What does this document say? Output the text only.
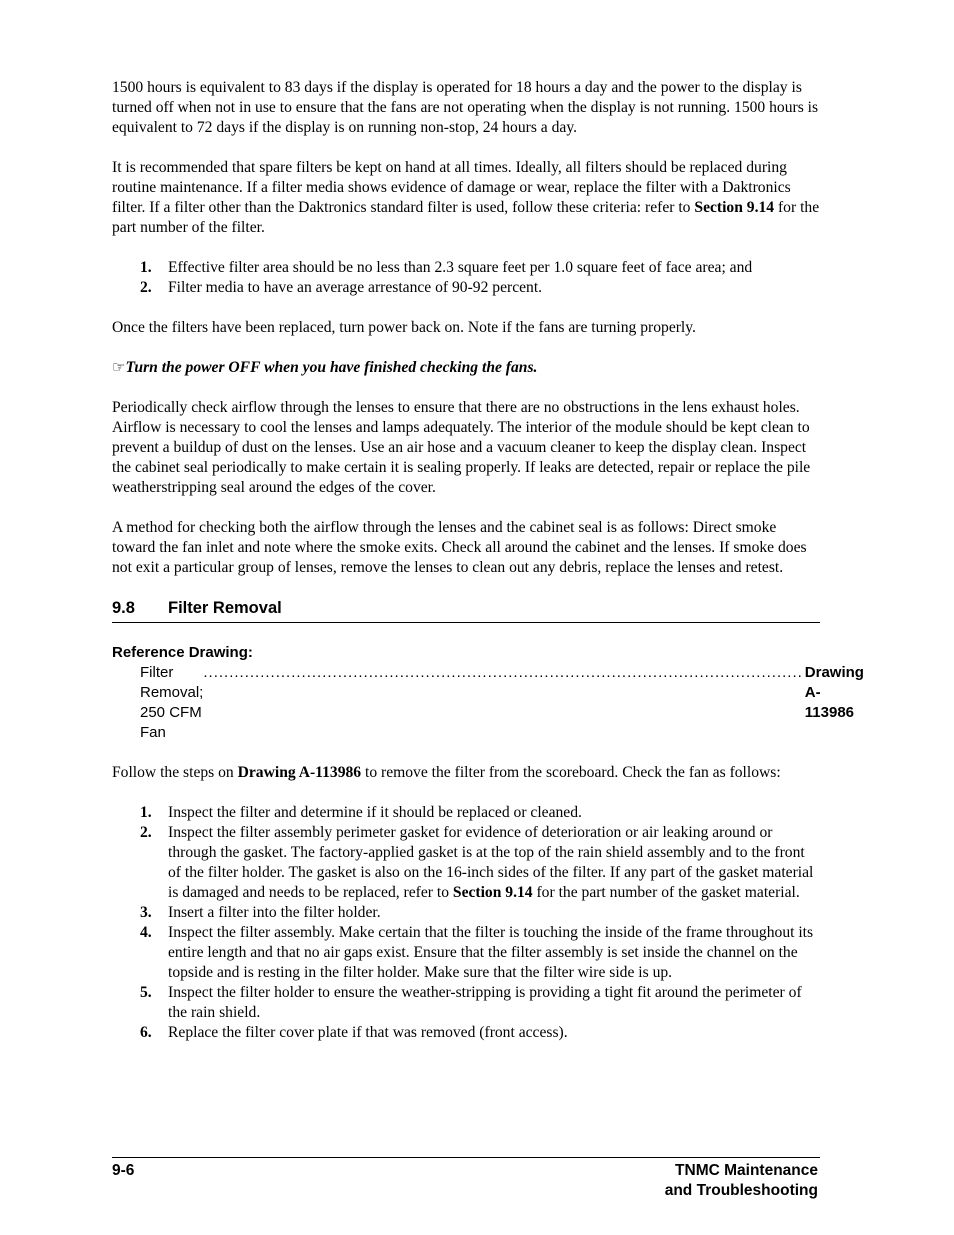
1500 hours is equivalent to 83 days if the display is operated for 18 hours a day and the power to the display is turned off when not in use to ensure that the fans are not operating when the display is not running. 1500 hours is equivalent to 72 days if the display is on running non-stop, 24 hours a day.

It is recommended that spare filters be kept on hand at all times. Ideally, all filters should be replaced during routine maintenance. If a filter media shows evidence of damage or wear, replace the filter with a Daktronics filter. If a filter other than the Daktronics standard filter is used, follow these criteria: refer to Section 9.14 for the part number of the filter.

1. Effective filter area should be no less than 2.3 square feet per 1.0 square feet of face area; and
2. Filter media to have an average arrestance of 90-92 percent.

Once the filters have been replaced, turn power back on. Note if the fans are turning properly.

☞Turn the power OFF when you have finished checking the fans.

Periodically check airflow through the lenses to ensure that there are no obstructions in the lens exhaust holes. Airflow is necessary to cool the lenses and lamps adequately. The interior of the module should be kept clean to prevent a buildup of dust on the lenses. Use an air hose and a vacuum cleaner to keep the display clean. Inspect the cabinet seal periodically to make certain it is sealing properly. If leaks are detected, repair or replace the pile weatherstripping seal around the edges of the cover.

A method for checking both the airflow through the lenses and the cabinet seal is as follows: Direct smoke toward the fan inlet and note where the smoke exits. Check all around the cabinet and the lenses. If smoke does not exit a particular group of lenses, remove the lenses to clean out any debris, replace the lenses and retest.

9.8 Filter Removal
Reference Drawing:
Filter Removal; 250 CFM Fan
.................................................................................................................... Drawing A-113986

Follow the steps on Drawing A-113986 to remove the filter from the scoreboard. Check the fan as follows:

1. Inspect the filter and determine if it should be replaced or cleaned.
2. Inspect the filter assembly perimeter gasket for evidence of deterioration or air leaking around or through the gasket. The factory-applied gasket is at the top of the rain shield assembly and to the front of the filter holder. The gasket is also on the 16-inch sides of the filter. If any part of the gasket material is damaged and needs to be replaced, refer to Section 9.14 for the part number of the gasket material.
3. Insert a filter into the filter holder.
4. Inspect the filter assembly. Make certain that the filter is touching the inside of the frame throughout its entire length and that no air gaps exist. Ensure that the filter assembly is set inside the channel on the topside and is resting in the filter holder. Make sure that the filter wire side is up.
5. Inspect the filter holder to ensure the weather-stripping is providing a tight fit around the perimeter of the rain shield.
6. Replace the filter cover plate if that was removed (front access).
9-6	TNMC Maintenance
and Troubleshooting
